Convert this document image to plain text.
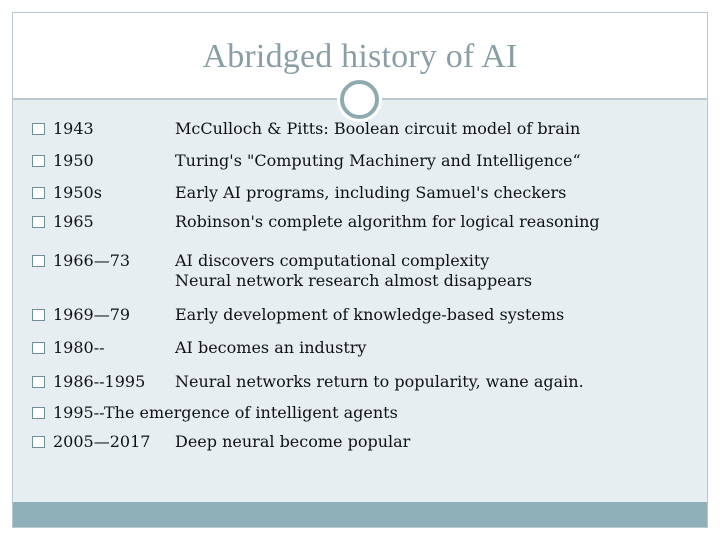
Abridged history of AI
1943	McCulloch & Pitts: Boolean circuit model of brain
1950	Turing's "Computing Machinery and Intelligence“
1950s	Early AI programs, including Samuel's checkers
1965	Robinson's complete algorithm for logical reasoning
1966—73	AI discovers computational complexity
Neural network research almost disappears
1969—79	Early development of knowledge-based systems
1980--	AI becomes an industry
1986--1995 Neural networks return to popularity, wane again.
1995--The emergence of intelligent agents
2005—2017 Deep neural become popular
